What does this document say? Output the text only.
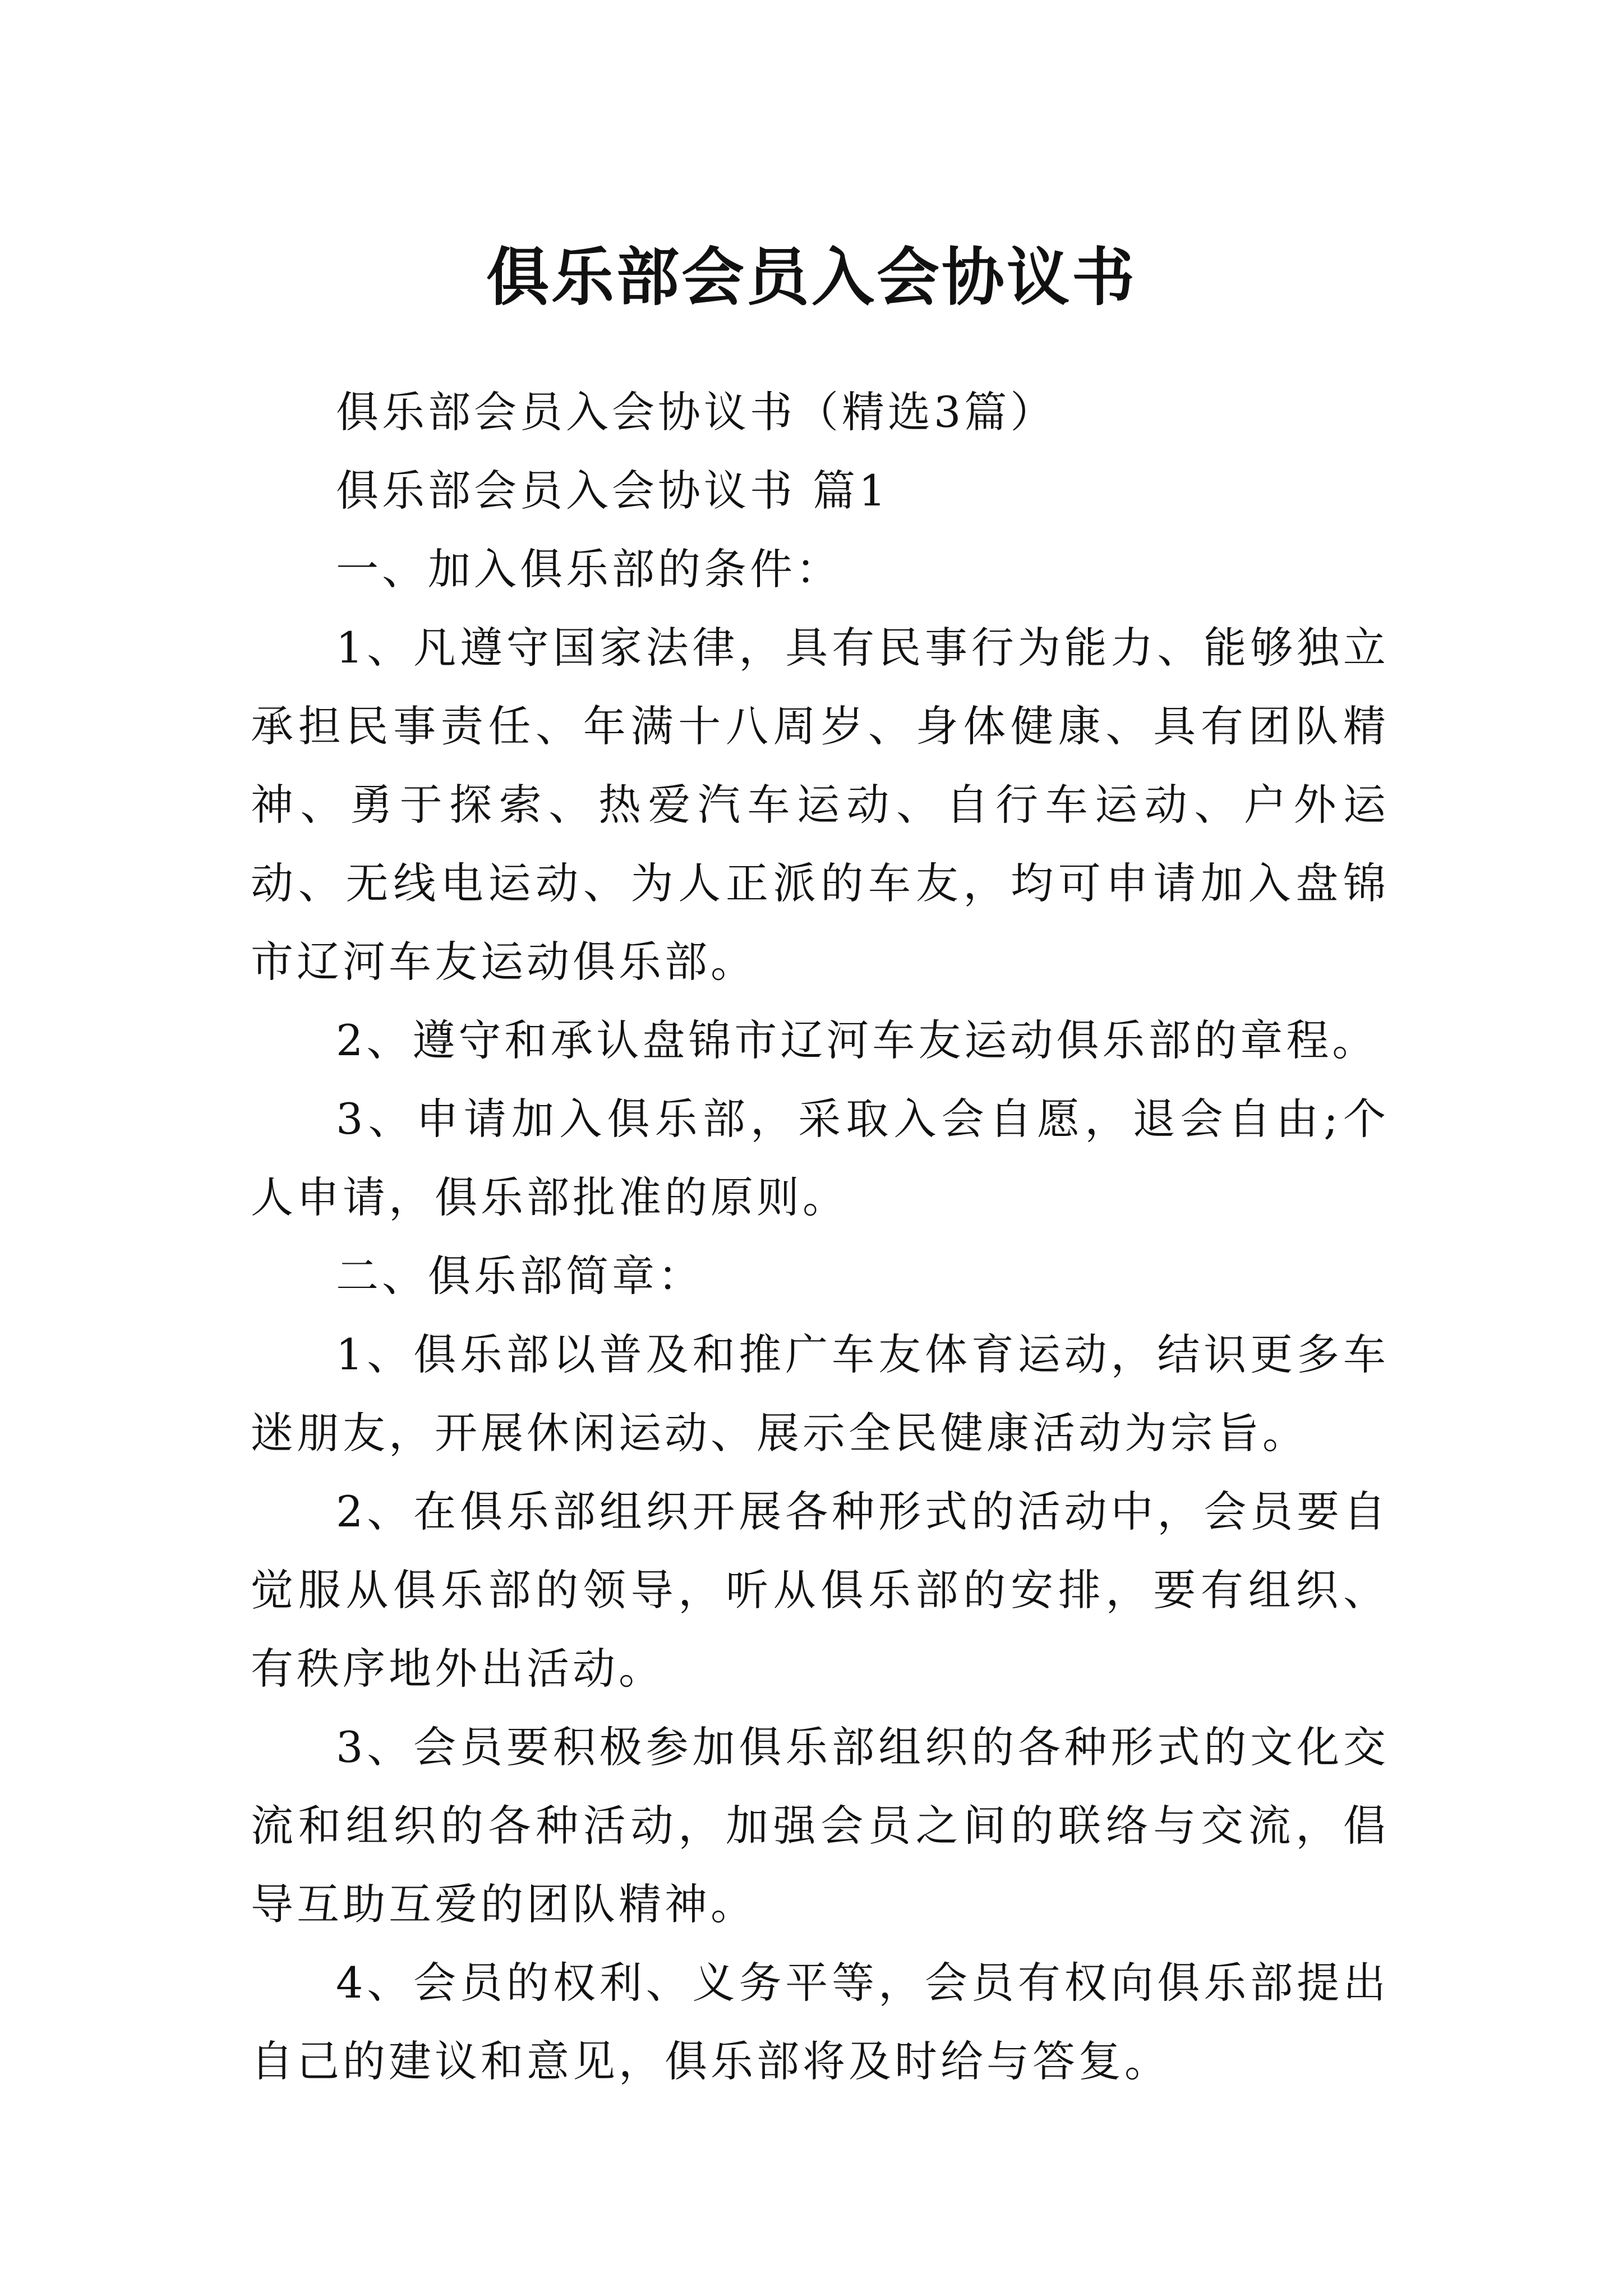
俱乐部会员入会协议书

俱乐部会员入会协议书（精选3篇）

俱乐部会员入会协议书 篇1

一、加入俱乐部的条件：

1、凡遵守国家法律，具有民事行为能力、能够独立承担民事责任、年满十八周岁、身体健康、具有团队精神、勇于探索、热爱汽车运动、自行车运动、户外运动、无线电运动、为人正派的车友，均可申请加入盘锦市辽河车友运动俱乐部。

2、遵守和承认盘锦市辽河车友运动俱乐部的章程。

3、申请加入俱乐部，采取入会自愿，退会自由;个人申请，俱乐部批准的原则。

二、俱乐部简章：

1、俱乐部以普及和推广车友体育运动，结识更多车迷朋友，开展休闲运动、展示全民健康活动为宗旨。

2、在俱乐部组织开展各种形式的活动中，会员要自觉服从俱乐部的领导，听从俱乐部的安排，要有组织、有秩序地外出活动。

3、会员要积极参加俱乐部组织的各种形式的文化交流和组织的各种活动，加强会员之间的联络与交流，倡导互助互爱的团队精神。

4、会员的权利、义务平等，会员有权向俱乐部提出自己的建议和意见，俱乐部将及时给与答复。
